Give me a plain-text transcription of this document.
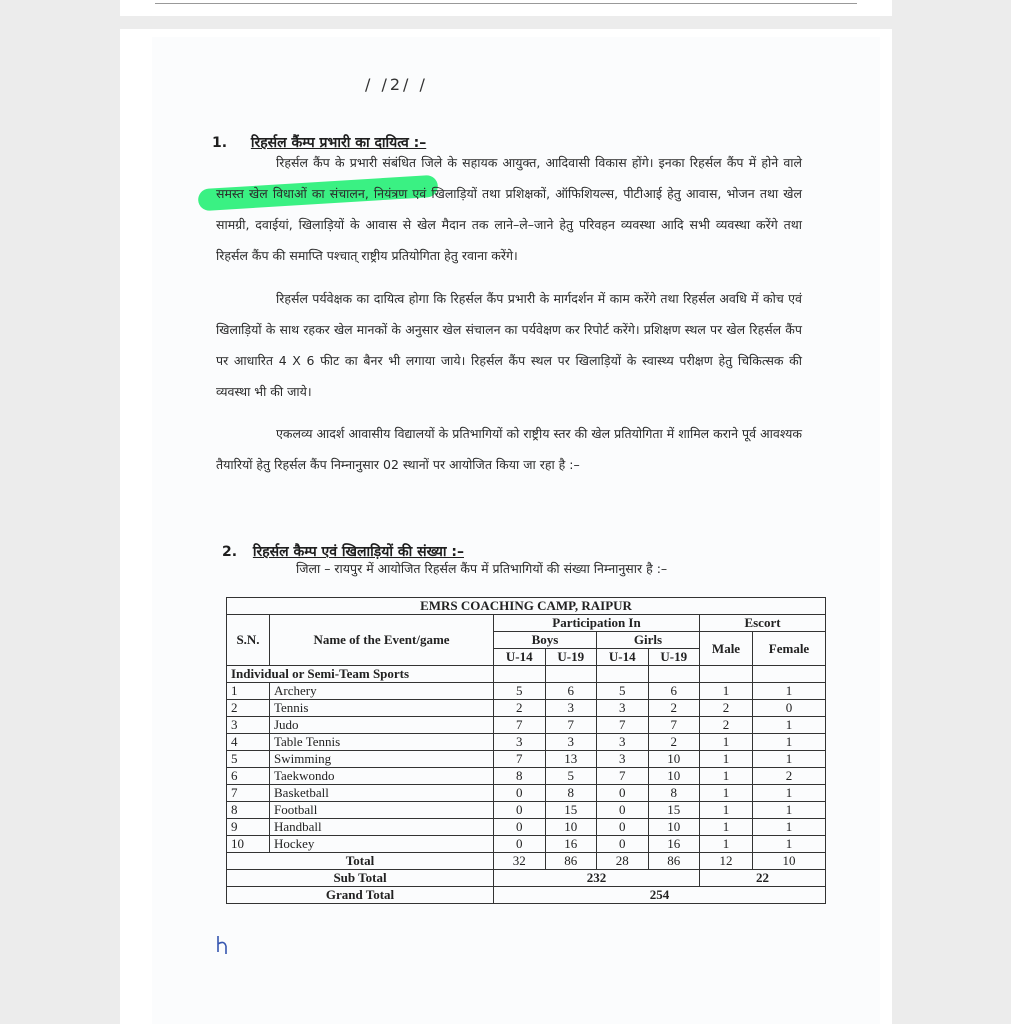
/ /2/ /
1. रिहर्सल कैंम्प प्रभारी का दायित्व :–

रिहर्सल कैंप के प्रभारी संबंधित जिले के सहायक आयुक्त, आदिवासी विकास होंगे। इनका रिहर्सल कैंप में होने वाले समस्त खेल विधाओं का संचालन, नियंत्रण एवं खिलाड़ियों तथा प्रशिक्षकों, ऑफिशियल्स, पीटीआई हेतु आवास, भोजन तथा खेल सामग्री, दवाईयां, खिलाड़ियों के आवास से खेल मैदान तक लाने–ले–जाने हेतु परिवहन व्यवस्था आदि सभी व्यवस्था करेंगे तथा रिहर्सल कैंप की समाप्ति पश्चात् राष्ट्रीय प्रतियोगिता हेतु रवाना करेंगे।

रिहर्सल पर्यवेक्षक का दायित्व होगा कि रिहर्सल कैंप प्रभारी के मार्गदर्शन में काम करेंगे तथा रिहर्सल अवधि में कोच एवं खिलाड़ियों के साथ रहकर खेल मानकों के अनुसार खेल संचालन का पर्यवेक्षण कर रिपोर्ट करेंगे। प्रशिक्षण स्थल पर खेल रिहर्सल कैंप पर आधारित 4 X 6 फीट का बैनर भी लगाया जाये। रिहर्सल कैंप स्थल पर खिलाड़ियों के स्वास्थ्य परीक्षण हेतु चिकित्सक की व्यवस्था भी की जाये।

एकलव्य आदर्श आवासीय विद्यालयों के प्रतिभागियों को राष्ट्रीय स्तर की खेल प्रतियोगिता में शामिल कराने पूर्व आवश्यक तैयारियों हेतु रिहर्सल कैंप निम्नानुसार 02 स्थानों पर आयोजित किया जा रहा है :–

2. रिहर्सल कैम्प एवं खिलाड़ियों की संख्या :–
जिला – रायपुर में आयोजित रिहर्सल कैंप में प्रतिभागियों की संख्या निम्नानुसार है :–
EMRS COACHING CAMP, RAIPUR							
S.N.	Name of the Event/game	Participation In				Escort	
		Boys		Girls		Male	Female
		U-14	U-19	U-14	U-19		
Individual or Semi-Team Sports							
1	Archery	5	6	5	6	1	1
2	Tennis	2	3	3	2	2	0
3	Judo	7	7	7	7	2	1
4	Table Tennis	3	3	3	2	1	1
5	Swimming	7	13	3	10	1	1
6	Taekwondo	8	5	7	10	1	2
7	Basketball	0	8	0	8	1	1
8	Football	0	15	0	15	1	1
9	Handball	0	10	0	10	1	1
10	Hockey	0	16	0	16	1	1
Total		32	86	28	86	12	10
Sub Total		232				22	
Grand Total		254					
